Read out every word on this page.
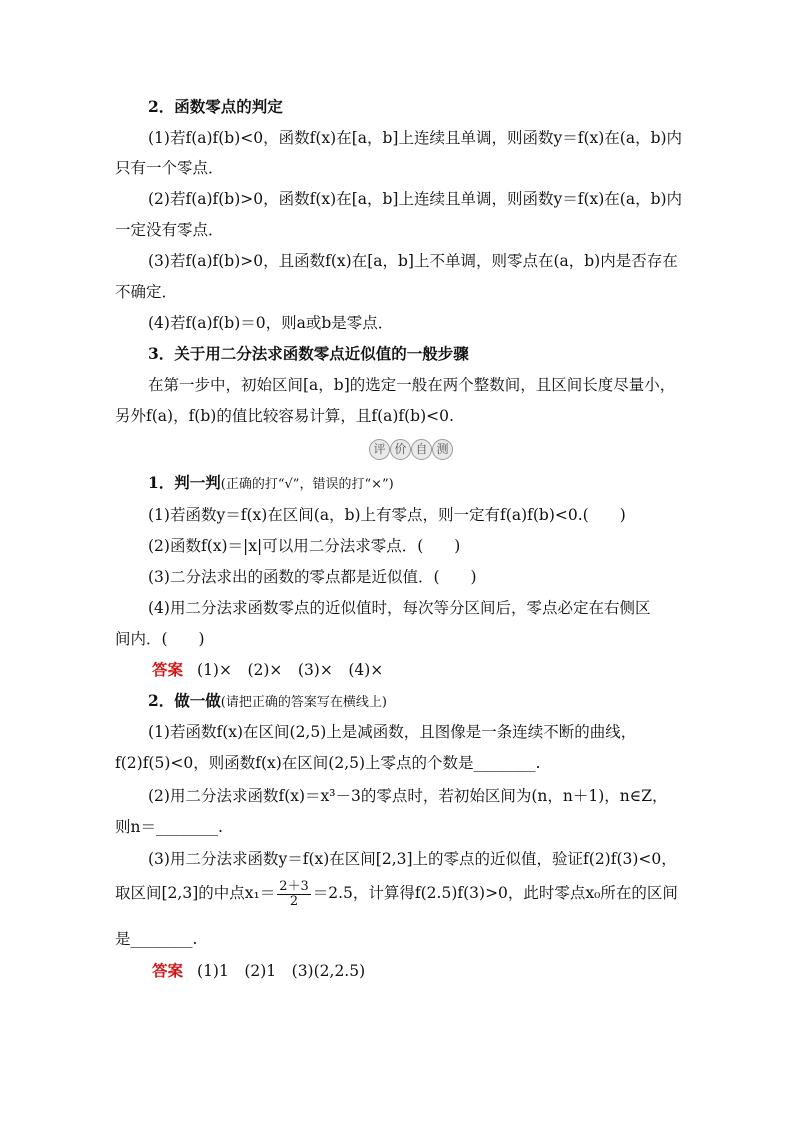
2．函数零点的判定
(1)若f(a)f(b)<0，函数f(x)在[a，b]上连续且单调，则函数y＝f(x)在(a，b)内
只有一个零点．
(2)若f(a)f(b)>0，函数f(x)在[a，b]上连续且单调，则函数y＝f(x)在(a，b)内
一定没有零点．
(3)若f(a)f(b)>0，且函数f(x)在[a，b]上不单调，则零点在(a，b)内是否存在
不确定．
(4)若f(a)f(b)＝0，则a或b是零点．
3．关于用二分法求函数零点近似值的一般步骤
在第一步中，初始区间[a，b]的选定一般在两个整数间，且区间长度尽量小，
另外f(a)，f(b)的值比较容易计算，且f(a)f(b)<0.
评 价 自 测
1．判一判(正确的打“√”，错误的打“×”)
(1)若函数y＝f(x)在区间(a，b)上有零点，则一定有f(a)f(b)<0.(　　)
(2)函数f(x)＝|x|可以用二分法求零点．(　　)
(3)二分法求出的函数的零点都是近似值．(　　)
(4)用二分法求函数零点的近似值时，每次等分区间后，零点必定在右侧区
间内．(　　)
答案 (1)×　(2)×　(3)×　(4)×
2．做一做(请把正确的答案写在横线上)
(1)若函数f(x)在区间(2,5)上是减函数，且图像是一条连续不断的曲线，
f(2)f(5)<0，则函数f(x)在区间(2,5)上零点的个数是________.
(2)用二分法求函数f(x)＝x³－3的零点时，若初始区间为(n，n＋1)，n∈Z，
则n＝________.
(3)用二分法求函数y＝f(x)在区间[2,3]上的零点的近似值，验证f(2)f(3)<0，
取区间[2,3]的中点$x_1= \frac{2+3}{2} =2.5$，计算得f(2.5)f(3)>0，此时零点x₀所在的区间
是________.
答案 (1)1　(2)1　(3)(2,2.5)
